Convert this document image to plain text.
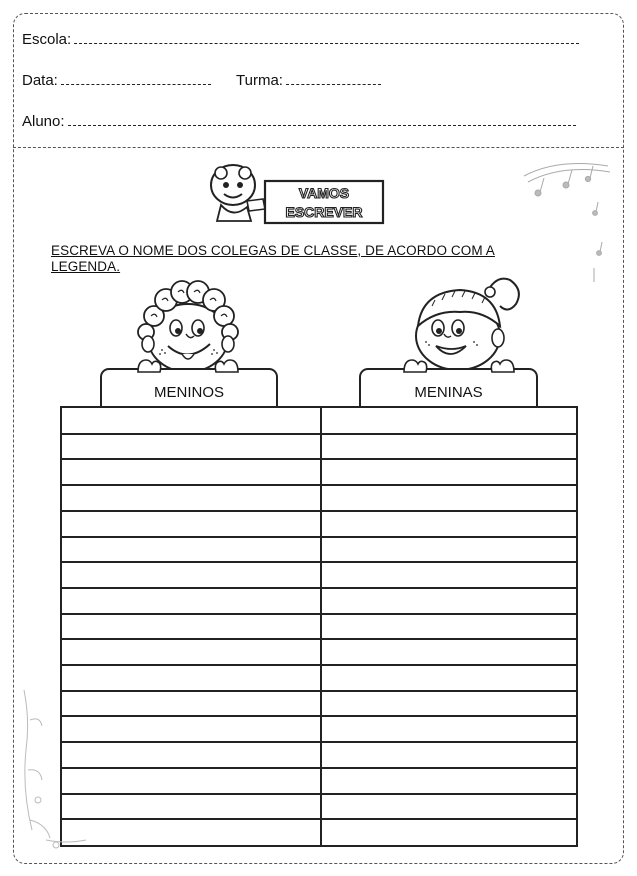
Escola:
Data:	Turma:
Aluno:
VAMOS
ESCREVER
ESCREVA O NOME DOS COLEGAS DE CLASSE, DE ACORDO COM A LEGENDA.
MENINOS	MENINAS
